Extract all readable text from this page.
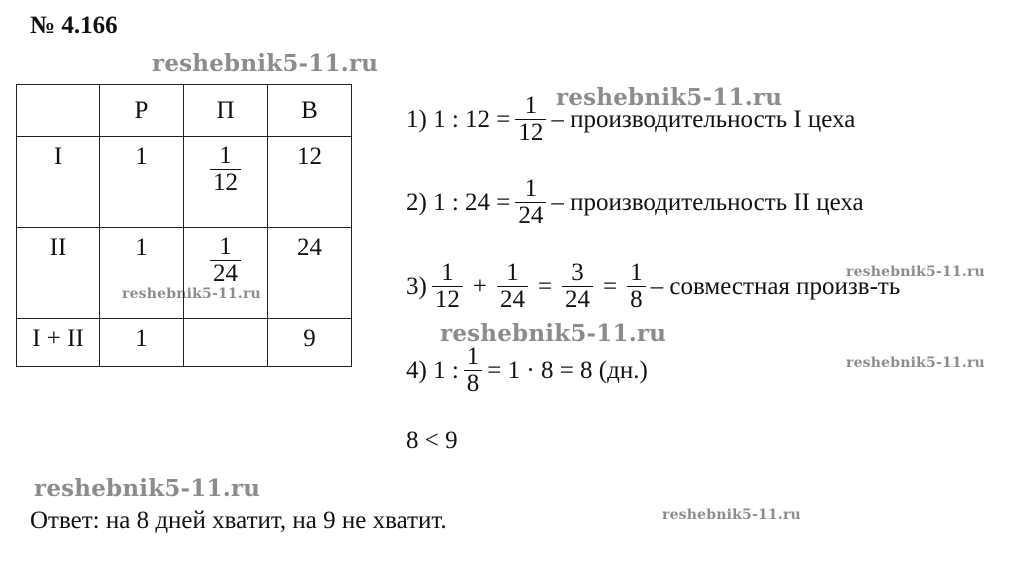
№ 4.166
reshebnik5-11.ru
reshebnik5-11.ru
reshebnik5-11.ru
reshebnik5-11.ru
reshebnik5-11.ru
reshebnik5-11.ru
reshebnik5-11.ru
reshebnik5-11.ru
	Р	П	В
I	1	$\frac{1}{12}$	12
II	1	$\frac{1}{24}$	24
I + II	1		9
1) 1 : $12 = \frac{1}{12}$ – производительность I цеха
2) 1 : $24 = \frac{1}{24}$ – производительность II цеха
$3) \frac{1}{12} + \frac{1}{24} = \frac{3}{24} = \frac{1}{8}$ – совместная произв-ть
4) 1 : $\frac{1}{8} = 1 \cdot 8 = 8$ (дн.)
8 < 9
Ответ: на 8 дней хватит, на 9 не хватит.
